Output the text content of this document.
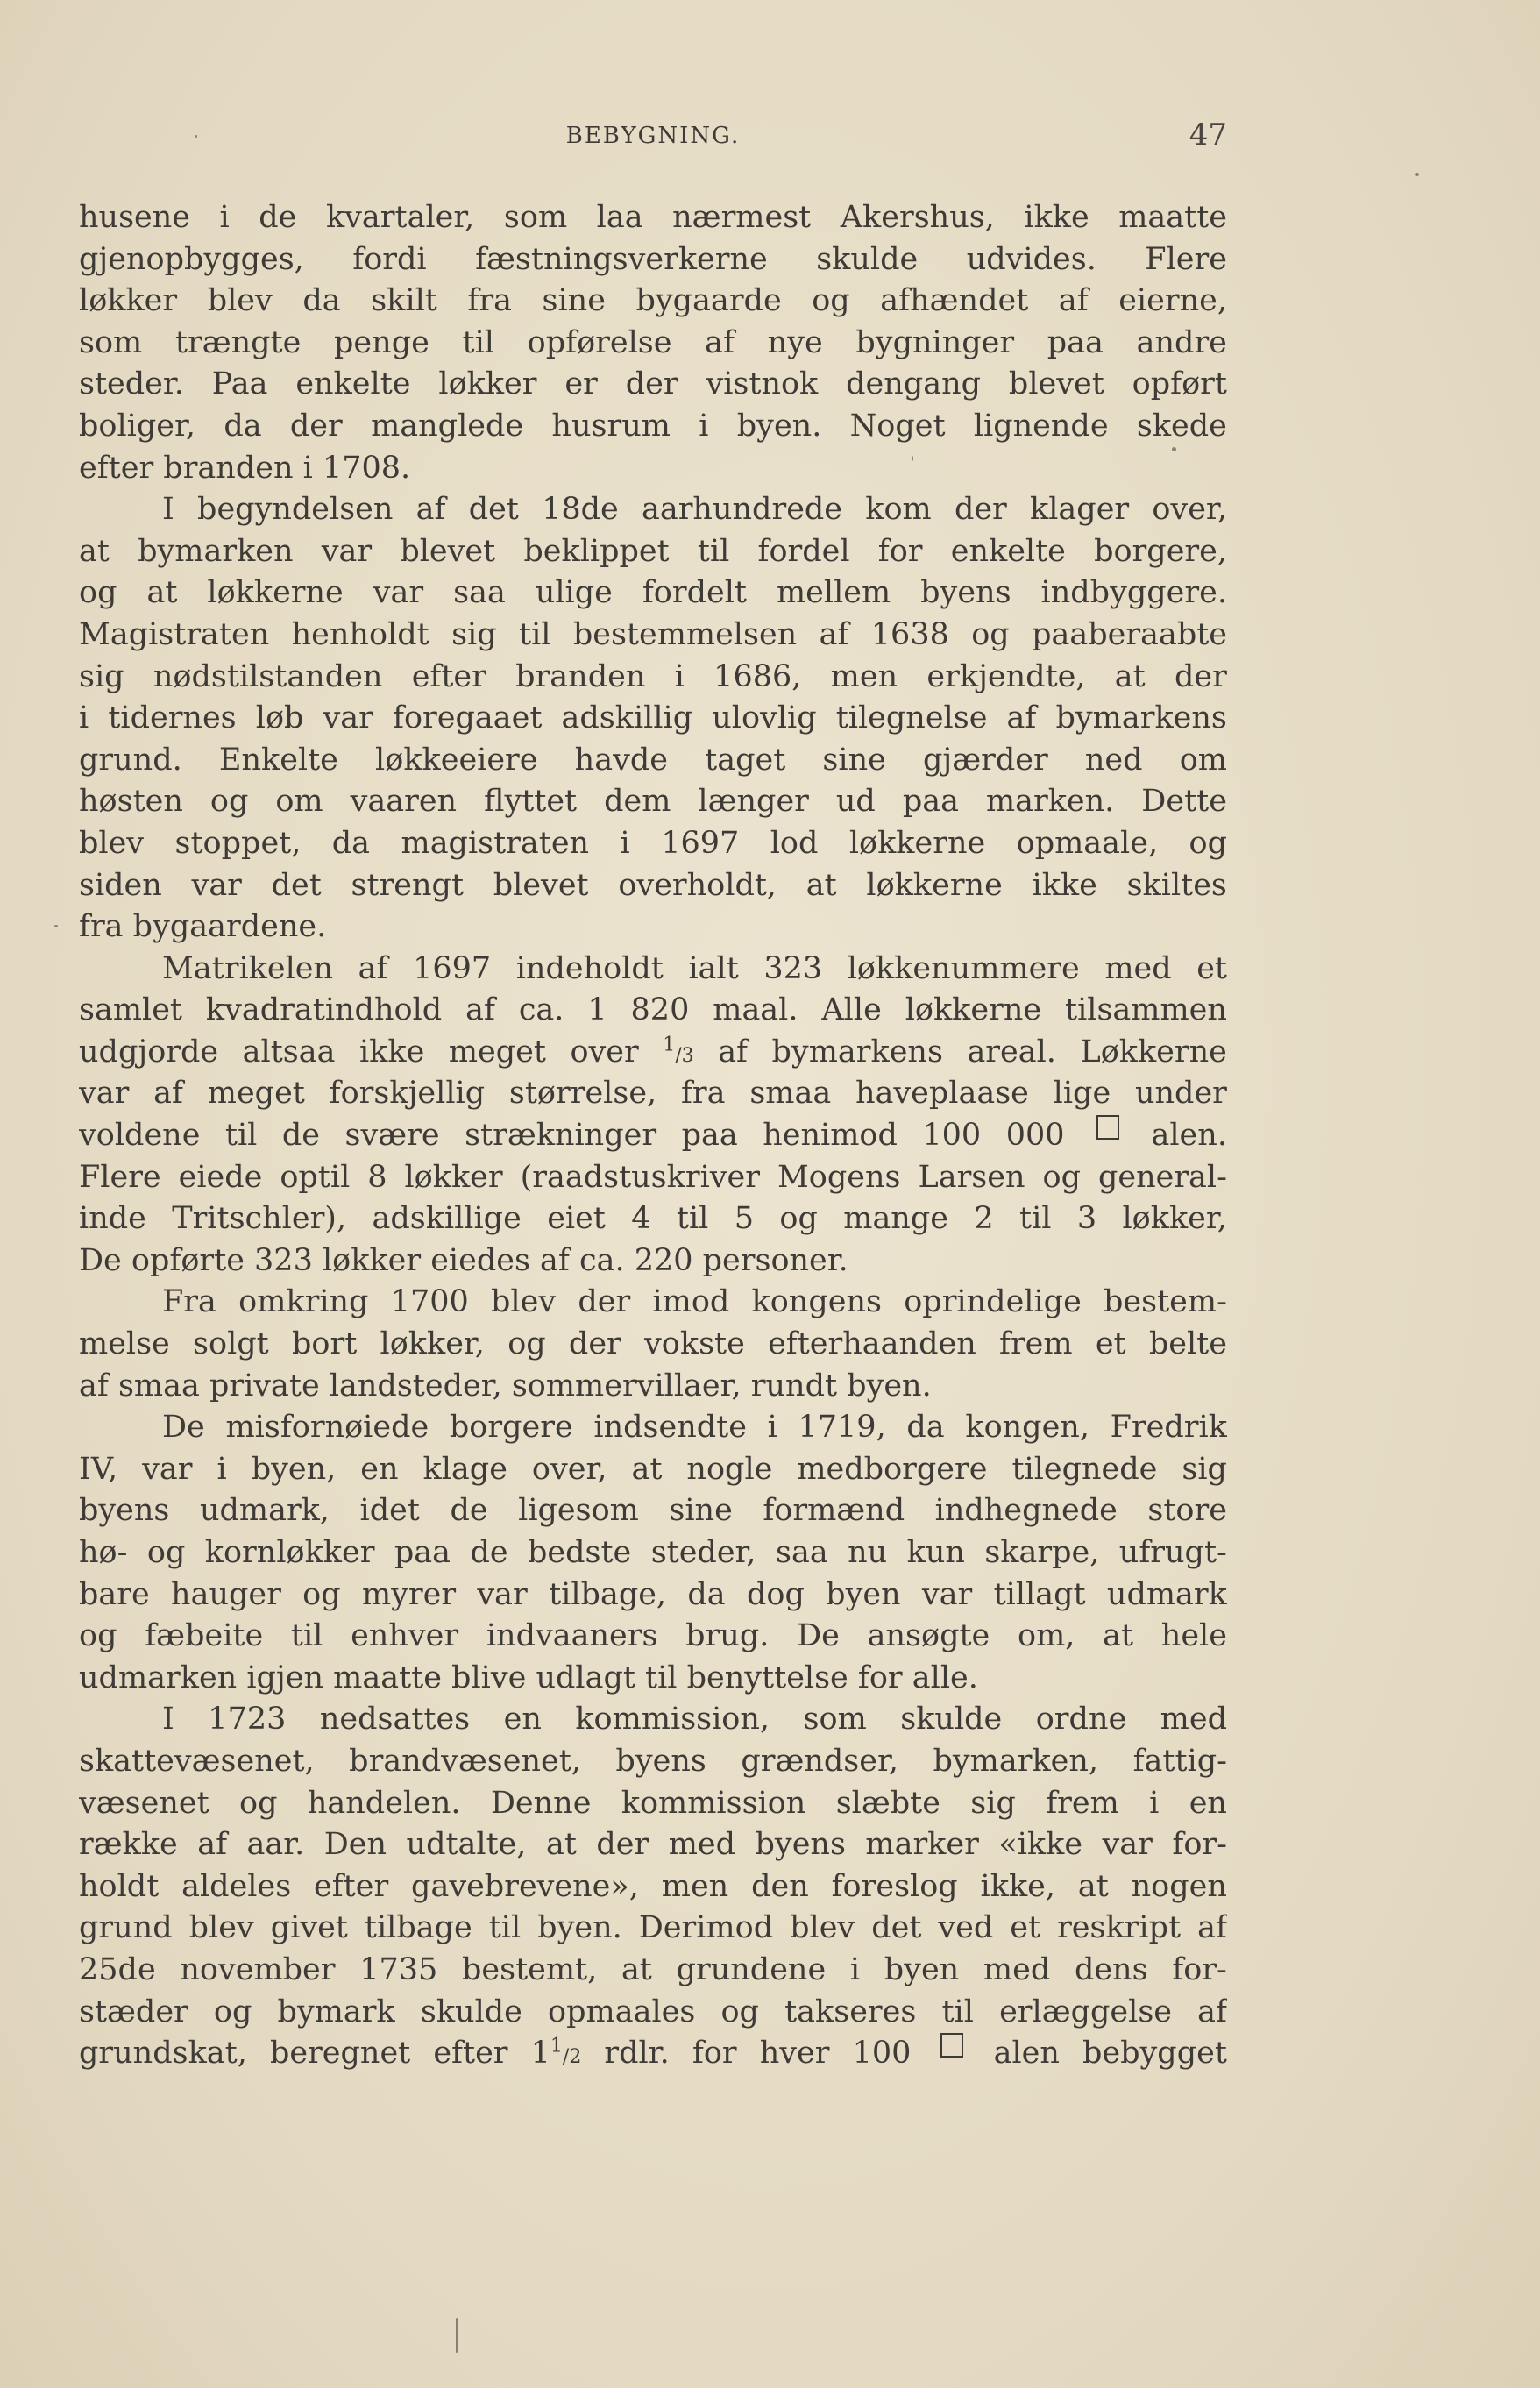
BEBYGNING.	47
husene i de kvartaler, som laa nærmest Akershus, ikke maatte
gjenopbygges, fordi fæstningsverkerne skulde udvides. Flere
løkker blev da skilt fra sine bygaarde og afhændet af eierne,
som trængte penge til opførelse af nye bygninger paa andre
steder. Paa enkelte løkker er der vistnok dengang blevet opført
boliger, da der manglede husrum i byen. Noget lignende skede
efter branden i 1708.
I begyndelsen af det 18de aarhundrede kom der klager over,
at bymarken var blevet beklippet til fordel for enkelte borgere,
og at løkkerne var saa ulige fordelt mellem byens indbyggere.
Magistraten henholdt sig til bestemmelsen af 1638 og paaberaabte
sig nødstilstanden efter branden i 1686, men erkjendte, at der
i tidernes løb var foregaaet adskillig ulovlig tilegnelse af bymarkens
grund. Enkelte løkkeeiere havde taget sine gjærder ned om
høsten og om vaaren flyttet dem længer ud paa marken. Dette
blev stoppet, da magistraten i 1697 lod løkkerne opmaale, og
siden var det strengt blevet overholdt, at løkkerne ikke skiltes
fra bygaardene.
Matrikelen af 1697 indeholdt ialt 323 løkkenummere med et
samlet kvadratindhold af ca. 1 820 maal. Alle løkkerne tilsammen
udgjorde altsaa ikke meget over $^1$/3 af bymarkens areal. Løkkerne
var af meget forskjellig størrelse, fra smaa haveplaase lige under
voldene til de svære strækninger paa henimod 100 000	alen.
Flere eiede optil 8 løkker (raadstuskriver Mogens Larsen og general-
inde Tritschler), adskillige eiet 4 til 5 og mange 2 til 3 løkker,
De opførte 323 løkker eiedes af ca. 220 personer.
Fra omkring 1700 blev der imod kongens oprindelige bestem-
melse solgt bort løkker, og der vokste efterhaanden frem et belte
af smaa private landsteder, sommervillaer, rundt byen.
De misfornøiede borgere indsendte i 1719, da kongen, Fredrik
IV, var i byen, en klage over, at nogle medborgere tilegnede sig
byens udmark, idet de ligesom sine formænd indhegnede store
hø- og kornløkker paa de bedste steder, saa nu kun skarpe, ufrugt-
bare hauger og myrer var tilbage, da dog byen var tillagt udmark
og fæbeite til enhver indvaaners brug. De ansøgte om, at hele
udmarken igjen maatte blive udlagt til benyttelse for alle.
I 1723 nedsattes en kommission, som skulde ordne med
skattevæsenet, brandvæsenet, byens grændser, bymarken, fattig-
væsenet og handelen. Denne kommission slæbte sig frem i en
række af aar. Den udtalte, at der med byens marker «ikke var for-
holdt aldeles efter gavebrevene», men den foreslog ikke, at nogen
grund blev givet tilbage til byen. Derimod blev det ved et reskript af
25de november 1735 bestemt, at grundene i byen med dens for-
stæder og bymark skulde opmaales og takseres til erlæggelse af
grundskat, beregnet efter $1^1/2$ rdlr. for hver 100	alen bebygget
